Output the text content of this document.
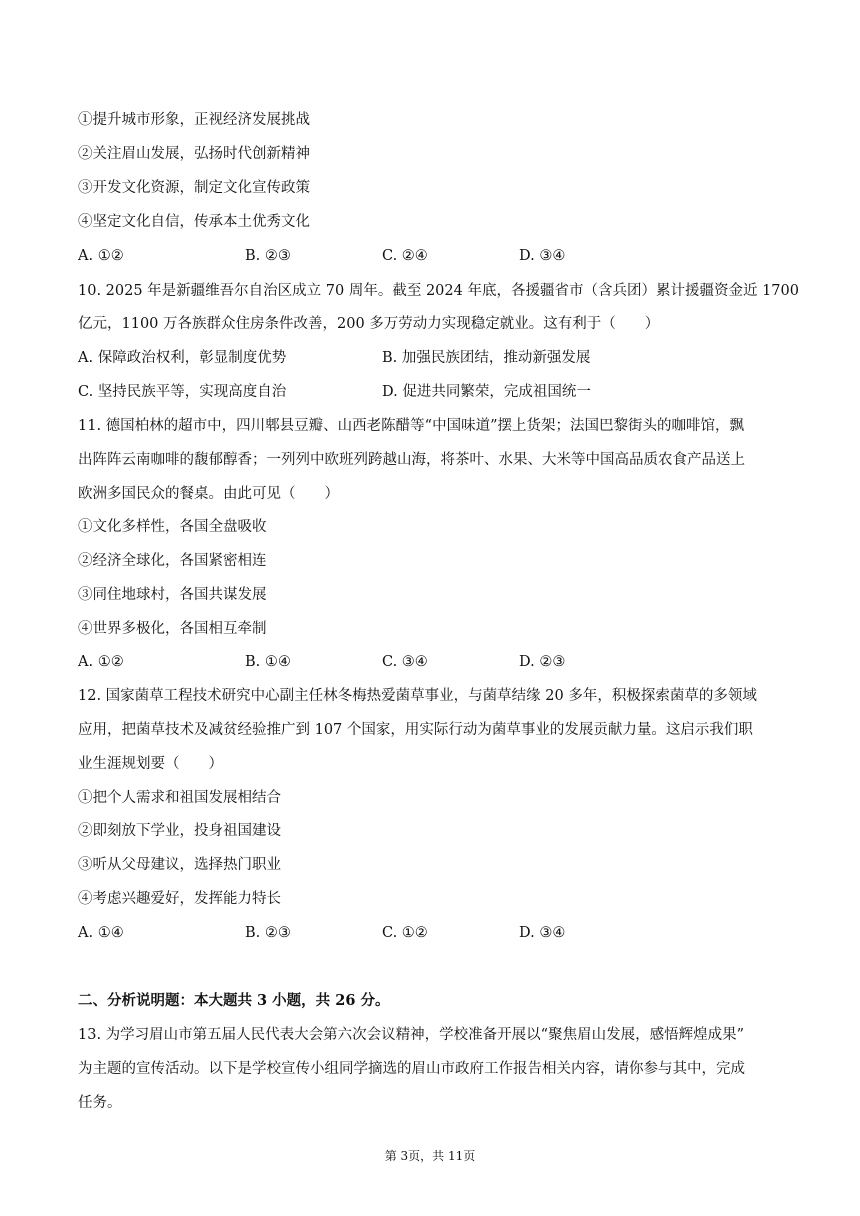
①提升城市形象，正视经济发展挑战
②关注眉山发展，弘扬时代创新精神
③开发文化资源，制定文化宣传政策
④坚定文化自信，传承本土优秀文化
A. ①②	B. ②③	C. ②④	D. ③④
10. 2025 年是新疆维吾尔自治区成立 70 周年。截至 2024 年底，各援疆省市（含兵团）累计援疆资金近 1700
亿元，1100 万各族群众住房条件改善，200 多万劳动力实现稳定就业。这有利于（　　）
A. 保障政治权利，彰显制度优势	B. 加强民族团结，推动新强发展
C. 坚持民族平等，实现高度自治	D. 促进共同繁荣，完成祖国统一
11. 德国柏林的超市中，四川郫县豆瓣、山西老陈醋等“中国味道”摆上货架；法国巴黎街头的咖啡馆，飘
出阵阵云南咖啡的馥郁醇香；一列列中欧班列跨越山海，将茶叶、水果、大米等中国高品质农食产品送上
欧洲多国民众的餐桌。由此可见（　　）
①文化多样性，各国全盘吸收
②经济全球化，各国紧密相连
③同住地球村，各国共谋发展
④世界多极化，各国相互牵制
A. ①②	B. ①④	C. ③④	D. ②③
12. 国家菌草工程技术研究中心副主任林冬梅热爱菌草事业，与菌草结缘 20 多年，积极探索菌草的多领域
应用，把菌草技术及减贫经验推广到 107 个国家，用实际行动为菌草事业的发展贡献力量。这启示我们职
业生涯规划要（　　）
①把个人需求和祖国发展相结合
②即刻放下学业，投身祖国建设
③听从父母建议，选择热门职业
④考虑兴趣爱好，发挥能力特长
A. ①④	B. ②③	C. ①②	D. ③④
二、分析说明题：本大题共 3 小题，共 26 分。
13. 为学习眉山市第五届人民代表大会第六次会议精神，学校准备开展以“聚焦眉山发展，感悟辉煌成果”
为主题的宣传活动。以下是学校宣传小组同学摘选的眉山市政府工作报告相关内容，请你参与其中，完成
任务。
第 3页，共 11页
